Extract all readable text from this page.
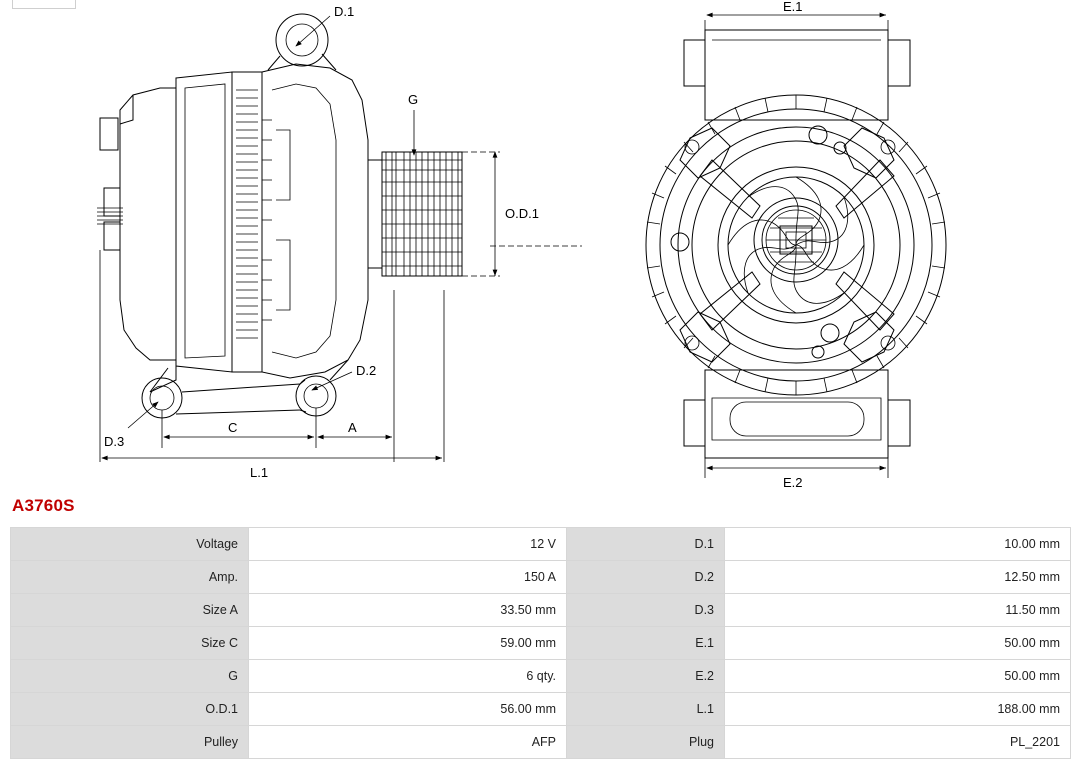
D.1
D.2
D.3
G
O.D.1
C	A
L.1
E.1
E.2
A3760S
Voltage	12 V	D.1	10.00 mm
Amp.	150 A	D.2	12.50 mm
Size A	33.50 mm	D.3	11.50 mm
Size C	59.00 mm	E.1	50.00 mm
G	6 qty.	E.2	50.00 mm
O.D.1	56.00 mm	L.1	188.00 mm
Pulley	AFP	Plug	PL_2201
